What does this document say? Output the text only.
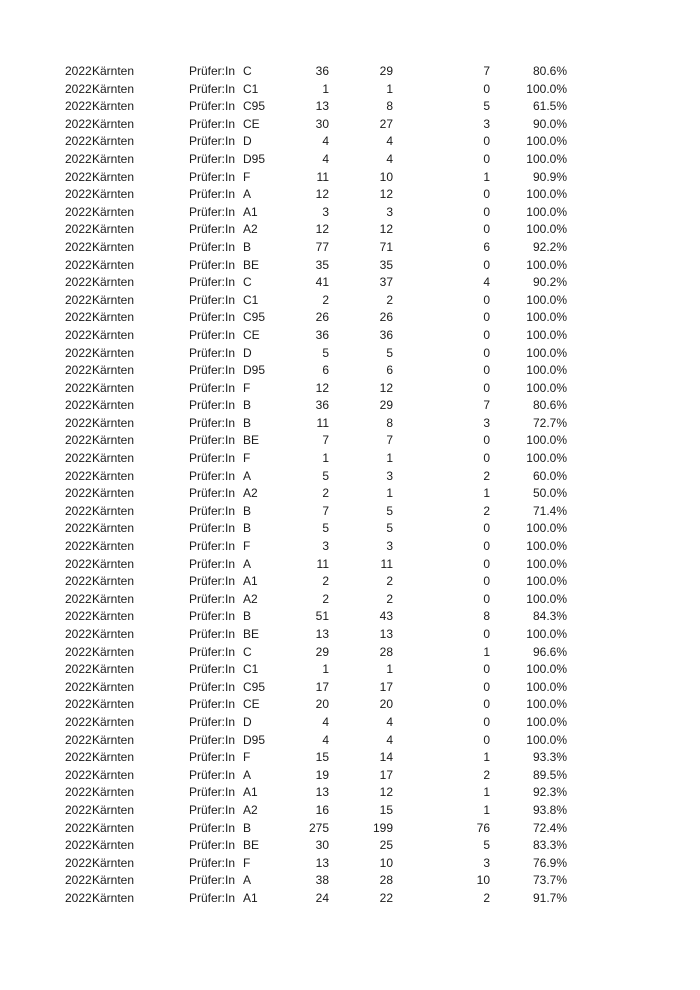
2022 Kärnten	Prüfer:In C	36	29	7	80.6%
2022 Kärnten	Prüfer:In C1	1	1	0	100.0%
2022 Kärnten	Prüfer:In C95	13	8	5	61.5%
2022 Kärnten	Prüfer:In CE	30	27	3	90.0%
2022 Kärnten	Prüfer:In D	4	4	0	100.0%
2022 Kärnten	Prüfer:In D95	4	4	0	100.0%
2022 Kärnten	Prüfer:In F	11	10	1	90.9%
2022 Kärnten	Prüfer:In A	12	12	0	100.0%
2022 Kärnten	Prüfer:In A1	3	3	0	100.0%
2022 Kärnten	Prüfer:In A2	12	12	0	100.0%
2022 Kärnten	Prüfer:In B	77	71	6	92.2%
2022 Kärnten	Prüfer:In BE	35	35	0	100.0%
2022 Kärnten	Prüfer:In C	41	37	4	90.2%
2022 Kärnten	Prüfer:In C1	2	2	0	100.0%
2022 Kärnten	Prüfer:In C95	26	26	0	100.0%
2022 Kärnten	Prüfer:In CE	36	36	0	100.0%
2022 Kärnten	Prüfer:In D	5	5	0	100.0%
2022 Kärnten	Prüfer:In D95	6	6	0	100.0%
2022 Kärnten	Prüfer:In F	12	12	0	100.0%
2022 Kärnten	Prüfer:In B	36	29	7	80.6%
2022 Kärnten	Prüfer:In B	11	8	3	72.7%
2022 Kärnten	Prüfer:In BE	7	7	0	100.0%
2022 Kärnten	Prüfer:In F	1	1	0	100.0%
2022 Kärnten	Prüfer:In A	5	3	2	60.0%
2022 Kärnten	Prüfer:In A2	2	1	1	50.0%
2022 Kärnten	Prüfer:In B	7	5	2	71.4%
2022 Kärnten	Prüfer:In B	5	5	0	100.0%
2022 Kärnten	Prüfer:In F	3	3	0	100.0%
2022 Kärnten	Prüfer:In A	11	11	0	100.0%
2022 Kärnten	Prüfer:In A1	2	2	0	100.0%
2022 Kärnten	Prüfer:In A2	2	2	0	100.0%
2022 Kärnten	Prüfer:In B	51	43	8	84.3%
2022 Kärnten	Prüfer:In BE	13	13	0	100.0%
2022 Kärnten	Prüfer:In C	29	28	1	96.6%
2022 Kärnten	Prüfer:In C1	1	1	0	100.0%
2022 Kärnten	Prüfer:In C95	17	17	0	100.0%
2022 Kärnten	Prüfer:In CE	20	20	0	100.0%
2022 Kärnten	Prüfer:In D	4	4	0	100.0%
2022 Kärnten	Prüfer:In D95	4	4	0	100.0%
2022 Kärnten	Prüfer:In F	15	14	1	93.3%
2022 Kärnten	Prüfer:In A	19	17	2	89.5%
2022 Kärnten	Prüfer:In A1	13	12	1	92.3%
2022 Kärnten	Prüfer:In A2	16	15	1	93.8%
2022 Kärnten	Prüfer:In B	275	199	76	72.4%
2022 Kärnten	Prüfer:In BE	30	25	5	83.3%
2022 Kärnten	Prüfer:In F	13	10	3	76.9%
2022 Kärnten	Prüfer:In A	38	28	10	73.7%
2022 Kärnten	Prüfer:In A1	24	22	2	91.7%
